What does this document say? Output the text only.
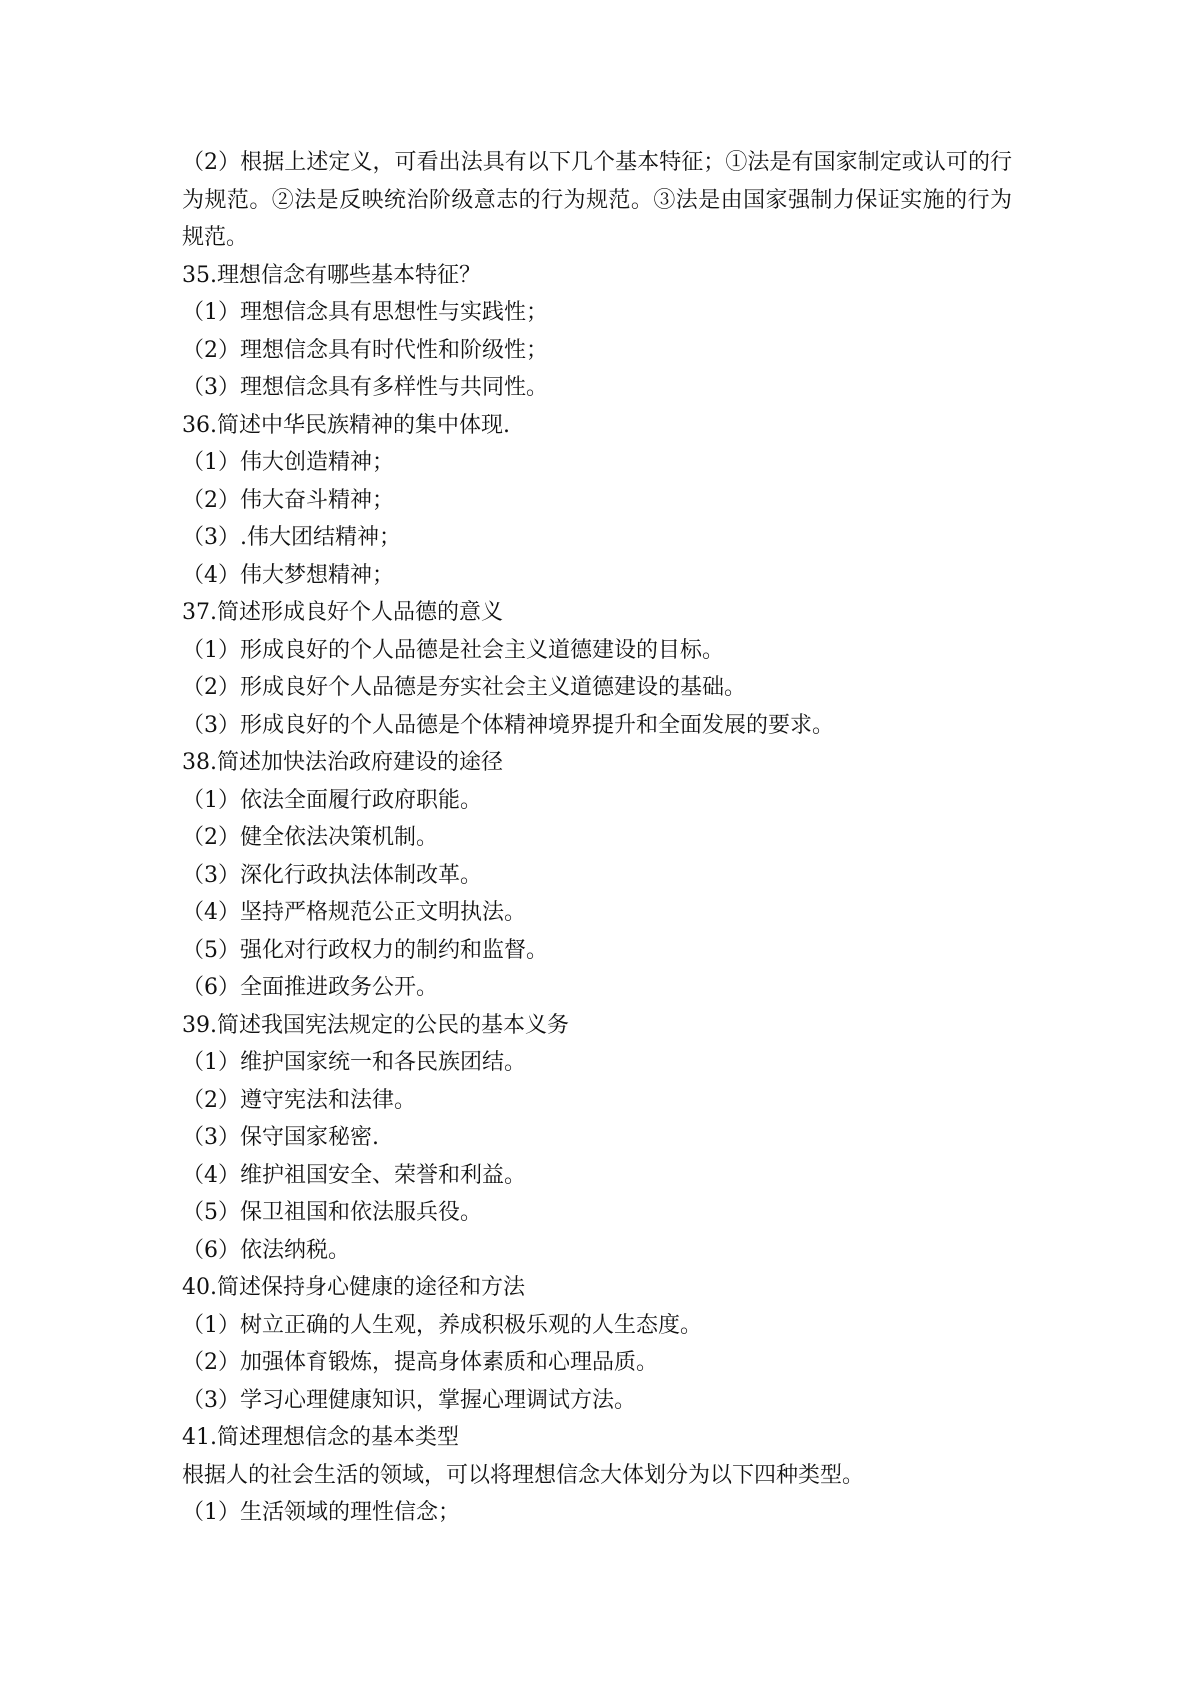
（2）根据上述定义，可看出法具有以下几个基本特征；①法是有国家制定或认可的行为规范。②法是反映统治阶级意志的行为规范。③法是由国家强制力保证实施的行为规范。

35.理想信念有哪些基本特征？

（1）理想信念具有思想性与实践性；

（2）理想信念具有时代性和阶级性；

（3）理想信念具有多样性与共同性。

36.简述中华民族精神的集中体现.

（1）伟大创造精神；

（2）伟大奋斗精神；

（3）.伟大团结精神；

（4）伟大梦想精神；

37.简述形成良好个人品德的意义

（1）形成良好的个人品德是社会主义道德建设的目标。

（2）形成良好个人品德是夯实社会主义道德建设的基础。

（3）形成良好的个人品德是个体精神境界提升和全面发展的要求。

38.简述加快法治政府建设的途径

（1）依法全面履行政府职能。

（2）健全依法决策机制。

（3）深化行政执法体制改革。

（4）坚持严格规范公正文明执法。

（5）强化对行政权力的制约和监督。

（6）全面推进政务公开。

39.简述我国宪法规定的公民的基本义务

（1）维护国家统一和各民族团结。

（2）遵守宪法和法律。

（3）保守国家秘密.

（4）维护祖国安全、荣誉和利益。

（5）保卫祖国和依法服兵役。

（6）依法纳税。

40.简述保持身心健康的途径和方法

（1）树立正确的人生观，养成积极乐观的人生态度。

（2）加强体育锻炼，提高身体素质和心理品质。

（3）学习心理健康知识，掌握心理调试方法。

41.简述理想信念的基本类型

根据人的社会生活的领域，可以将理想信念大体划分为以下四种类型。

（1）生活领域的理性信念；
